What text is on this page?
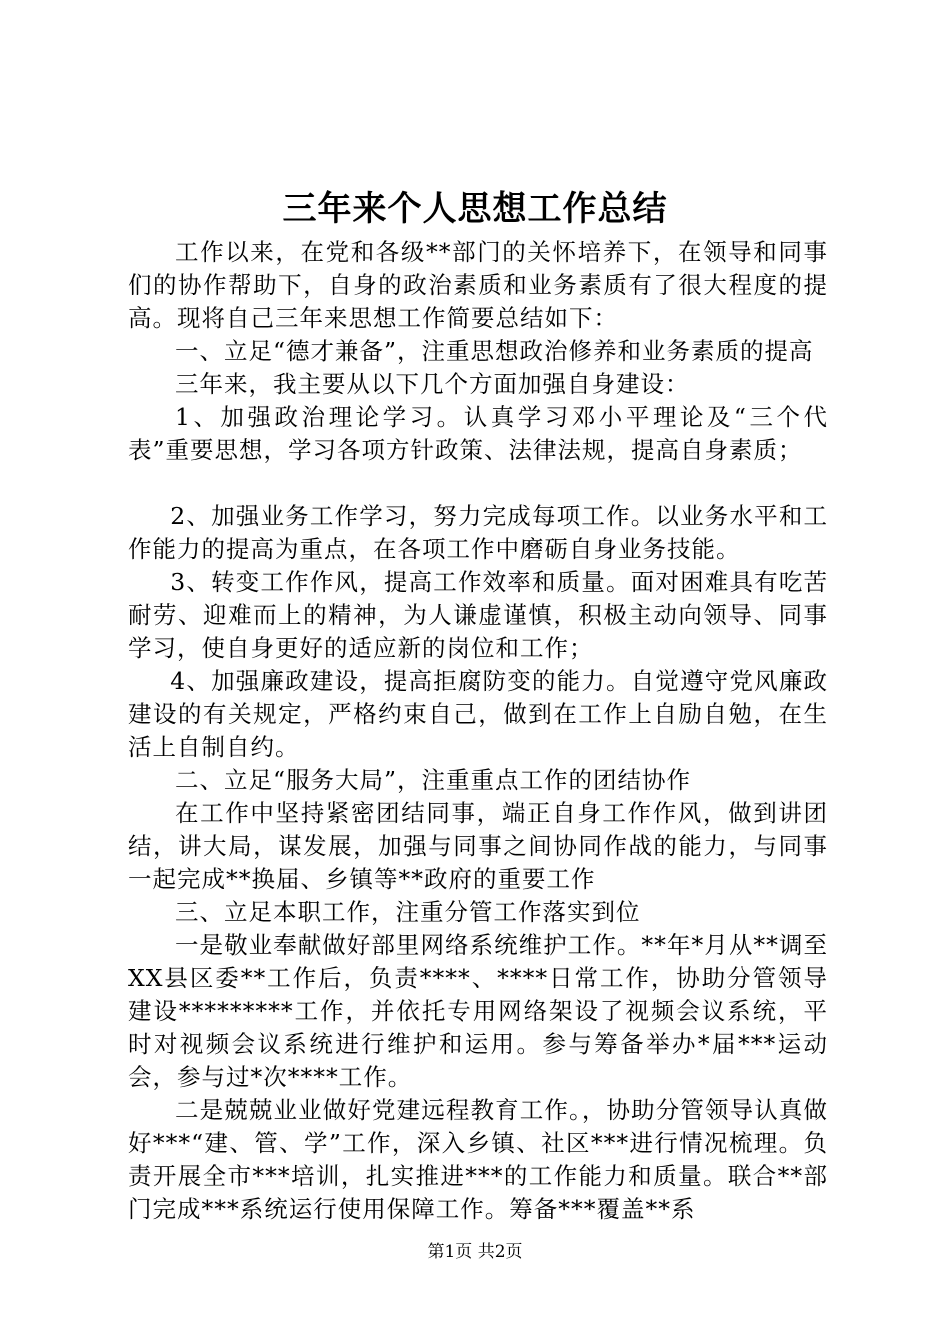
三年来个人思想工作总结

工作以来，在党和各级**部门的关怀培养下，在领导和同事们的协作帮助下，自身的政治素质和业务素质有了很大程度的提高。现将自己三年来思想工作简要总结如下：

一、立足“德才兼备”，注重思想政治修养和业务素质的提高

三年来，我主要从以下几个方面加强自身建设：

1、加强政治理论学习。认真学习邓小平理论及“三个代表”重要思想，学习各项方针政策、法律法规，提高自身素质；

2、加强业务工作学习，努力完成每项工作。以业务水平和工作能力的提高为重点，在各项工作中磨砺自身业务技能。

3、转变工作作风，提高工作效率和质量。面对困难具有吃苦耐劳、迎难而上的精神，为人谦虚谨慎，积极主动向领导、同事学习，使自身更好的适应新的岗位和工作；

4、加强廉政建设，提高拒腐防变的能力。自觉遵守党风廉政建设的有关规定，严格约束自己，做到在工作上自励自勉，在生活上自制自约。

二、立足“服务大局”，注重重点工作的团结协作

在工作中坚持紧密团结同事，端正自身工作作风，做到讲团结，讲大局，谋发展，加强与同事之间协同作战的能力，与同事一起完成**换届、乡镇等**政府的重要工作

三、立足本职工作，注重分管工作落实到位

一是敬业奉献做好部里网络系统维护工作。**年*月从**调至XX县区委**工作后，负责****、****日常工作，协助分管领导建设*********工作，并依托专用网络架设了视频会议系统，平时对视频会议系统进行维护和运用。参与筹备举办*届***运动会，参与过*次****工作。

二是兢兢业业做好党建远程教育工作。，协助分管领导认真做好***“建、管、学”工作，深入乡镇、社区***进行情况梳理。负责开展全市***培训，扎实推进***的工作能力和质量。联合**部门完成***系统运行使用保障工作。筹备***覆盖**系

第1页 共2页
